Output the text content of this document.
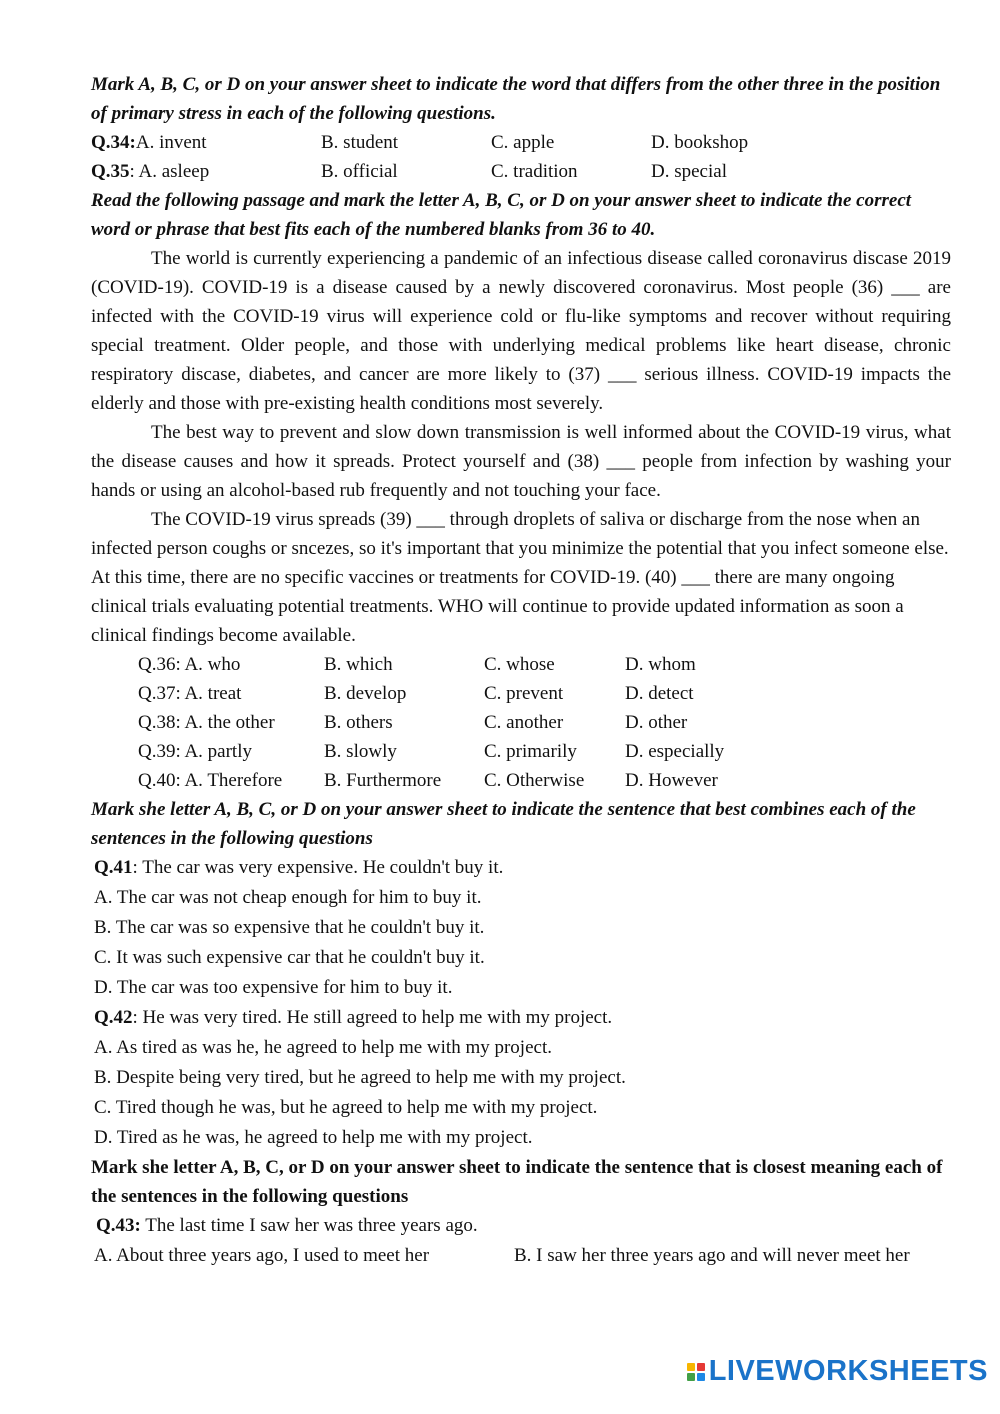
Mark A, B, C, or D on your answer sheet to indicate the word that differs from the other three in the position of primary stress in each of the following questions.

Q.34:A. invent	B. student	C. apple	D. bookshop
Q.35: A. asleep	B. official	C. tradition	D. special

Read the following passage and mark the letter A, B, C, or D on your answer sheet to indicate the correct word or phrase that best fits each of the numbered blanks from 36 to 40.

The world is currently experiencing a pandemic of an infectious disease called coronavirus discase 2019 (COVID-19). COVID-19 is a disease caused by a newly discovered coronavirus. Most people (36) ___ are infected with the COVID-19 virus will experience cold or flu-like symptoms and recover without requiring special treatment. Older people, and those with underlying medical problems like heart disease, chronic respiratory discase, diabetes, and cancer are more likely to (37) ___ serious illness. COVID-19 impacts the elderly and those with pre-existing health conditions most severely.

The best way to prevent and slow down transmission is well informed about the COVID-19 virus, what the disease causes and how it spreads. Protect yourself and (38) ___ people from infection by washing your hands or using an alcohol-based rub frequently and not touching your face.

The COVID-19 virus spreads (39) ___ through droplets of saliva or discharge from the nose when an infected person coughs or sncezes, so it's important that you minimize the potential that you infect someone else. At this time, there are no specific vaccines or treatments for COVID-19. (40) ___ there are many ongoing clinical trials evaluating potential treatments. WHO will continue to provide updated information as soon a clinical findings become available.

Q.36: A. who	B. which	C. whose	D. whom
Q.37: A. treat	B. develop	C. prevent	D. detect
Q.38: A. the other	B. others	C. another	D. other
Q.39: A. partly	B. slowly	C. primarily	D. especially
Q.40: A. Therefore	B. Furthermore	C. Otherwise	D. However

Mark she letter A, B, C, or D on your answer sheet to indicate the sentence that best combines each of the sentences in the following questions

Q.41: The car was very expensive. He couldn't buy it.

A. The car was not cheap enough for him to buy it.

B. The car was so expensive that he couldn't buy it.

C. It was such expensive car that he couldn't buy it.

D. The car was too expensive for him to buy it.

Q.42: He was very tired. He still agreed to help me with my project.

A. As tired as was he, he agreed to help me with my project.

B. Despite being very tired, but he agreed to help me with my project.

C. Tired though he was, but he agreed to help me with my project.

D. Tired as he was, he agreed to help me with my project.

Mark she letter A, B, C, or D on your answer sheet to indicate the sentence that is closest meaning each of the sentences in the following questions

Q.43: The last time I saw her was three years ago.

A. About three years ago, I used to meet her	B. I saw her three years ago and will never meet her
LIVEWORKSHEETS
